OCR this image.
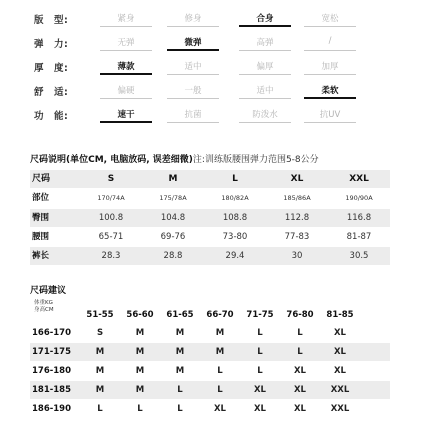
版　型:	紧身	修身	合身	宽松
弹　力:	无弹	微弹	高弹	/
厚　度:	薄款	适中	偏厚	加厚
舒　适:	偏硬	一般	适中	柔软
功　能:	速干	抗菌	防泼水	抗UV
尺码说明(单位CM, 电脑放码, 误差细微)注:训练版腰围弹力范围5-8公分
尺码	S	M	L	XL	XXL
部位	170/74A	175/78A	180/82A	185/86A	190/90A
臀围	100.8	104.8	108.8	112.8	116.8
腰围	65-71	69-76	73-80	77-83	81-87
裤长	28.3	28.8	29.4	30	30.5
尺码建议
体重KG
身高CM	51-55	56-60	61-65	66-70	71-75	76-80	81-85
166-170	S	M	M	M	L	L	XL
171-175	M	M	M	M	L	L	XL
176-180	M	M	M	L	L	XL	XL
181-185	M	M	L	L	XL	XL	XXL
186-190	L	L	L	XL	XL	XL	XXL
